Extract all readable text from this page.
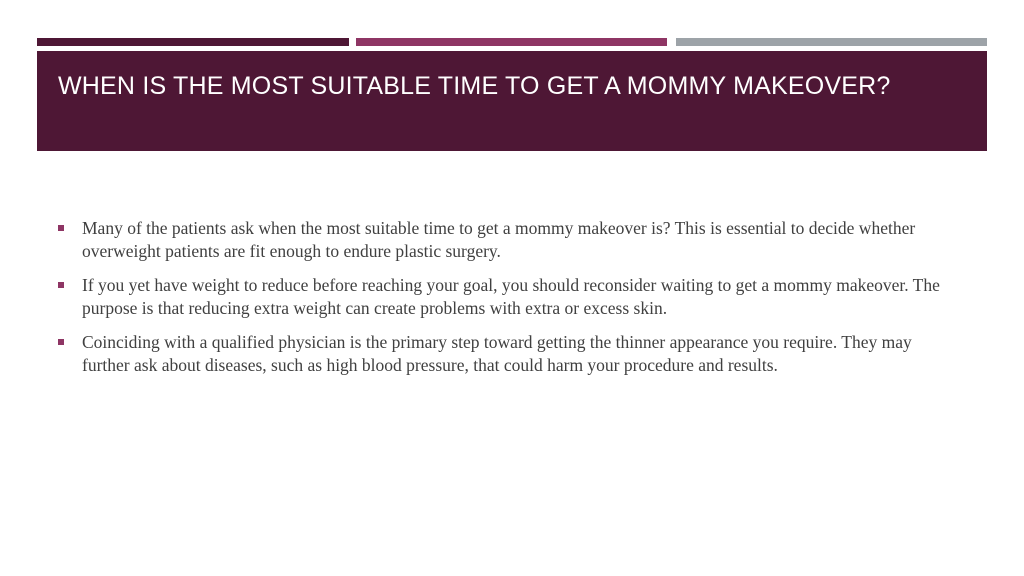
WHEN IS THE MOST SUITABLE TIME TO GET A MOMMY MAKEOVER?
Many of the patients ask when the most suitable time to get a mommy makeover is? This is essential to decide whether overweight patients are fit enough to endure plastic surgery.
If you yet have weight to reduce before reaching your goal, you should reconsider waiting to get a mommy makeover. The purpose is that reducing extra weight can create problems with extra or excess skin.
Coinciding with a qualified physician is the primary step toward getting the thinner appearance you require. They may further ask about diseases, such as high blood pressure, that could harm your procedure and results.
